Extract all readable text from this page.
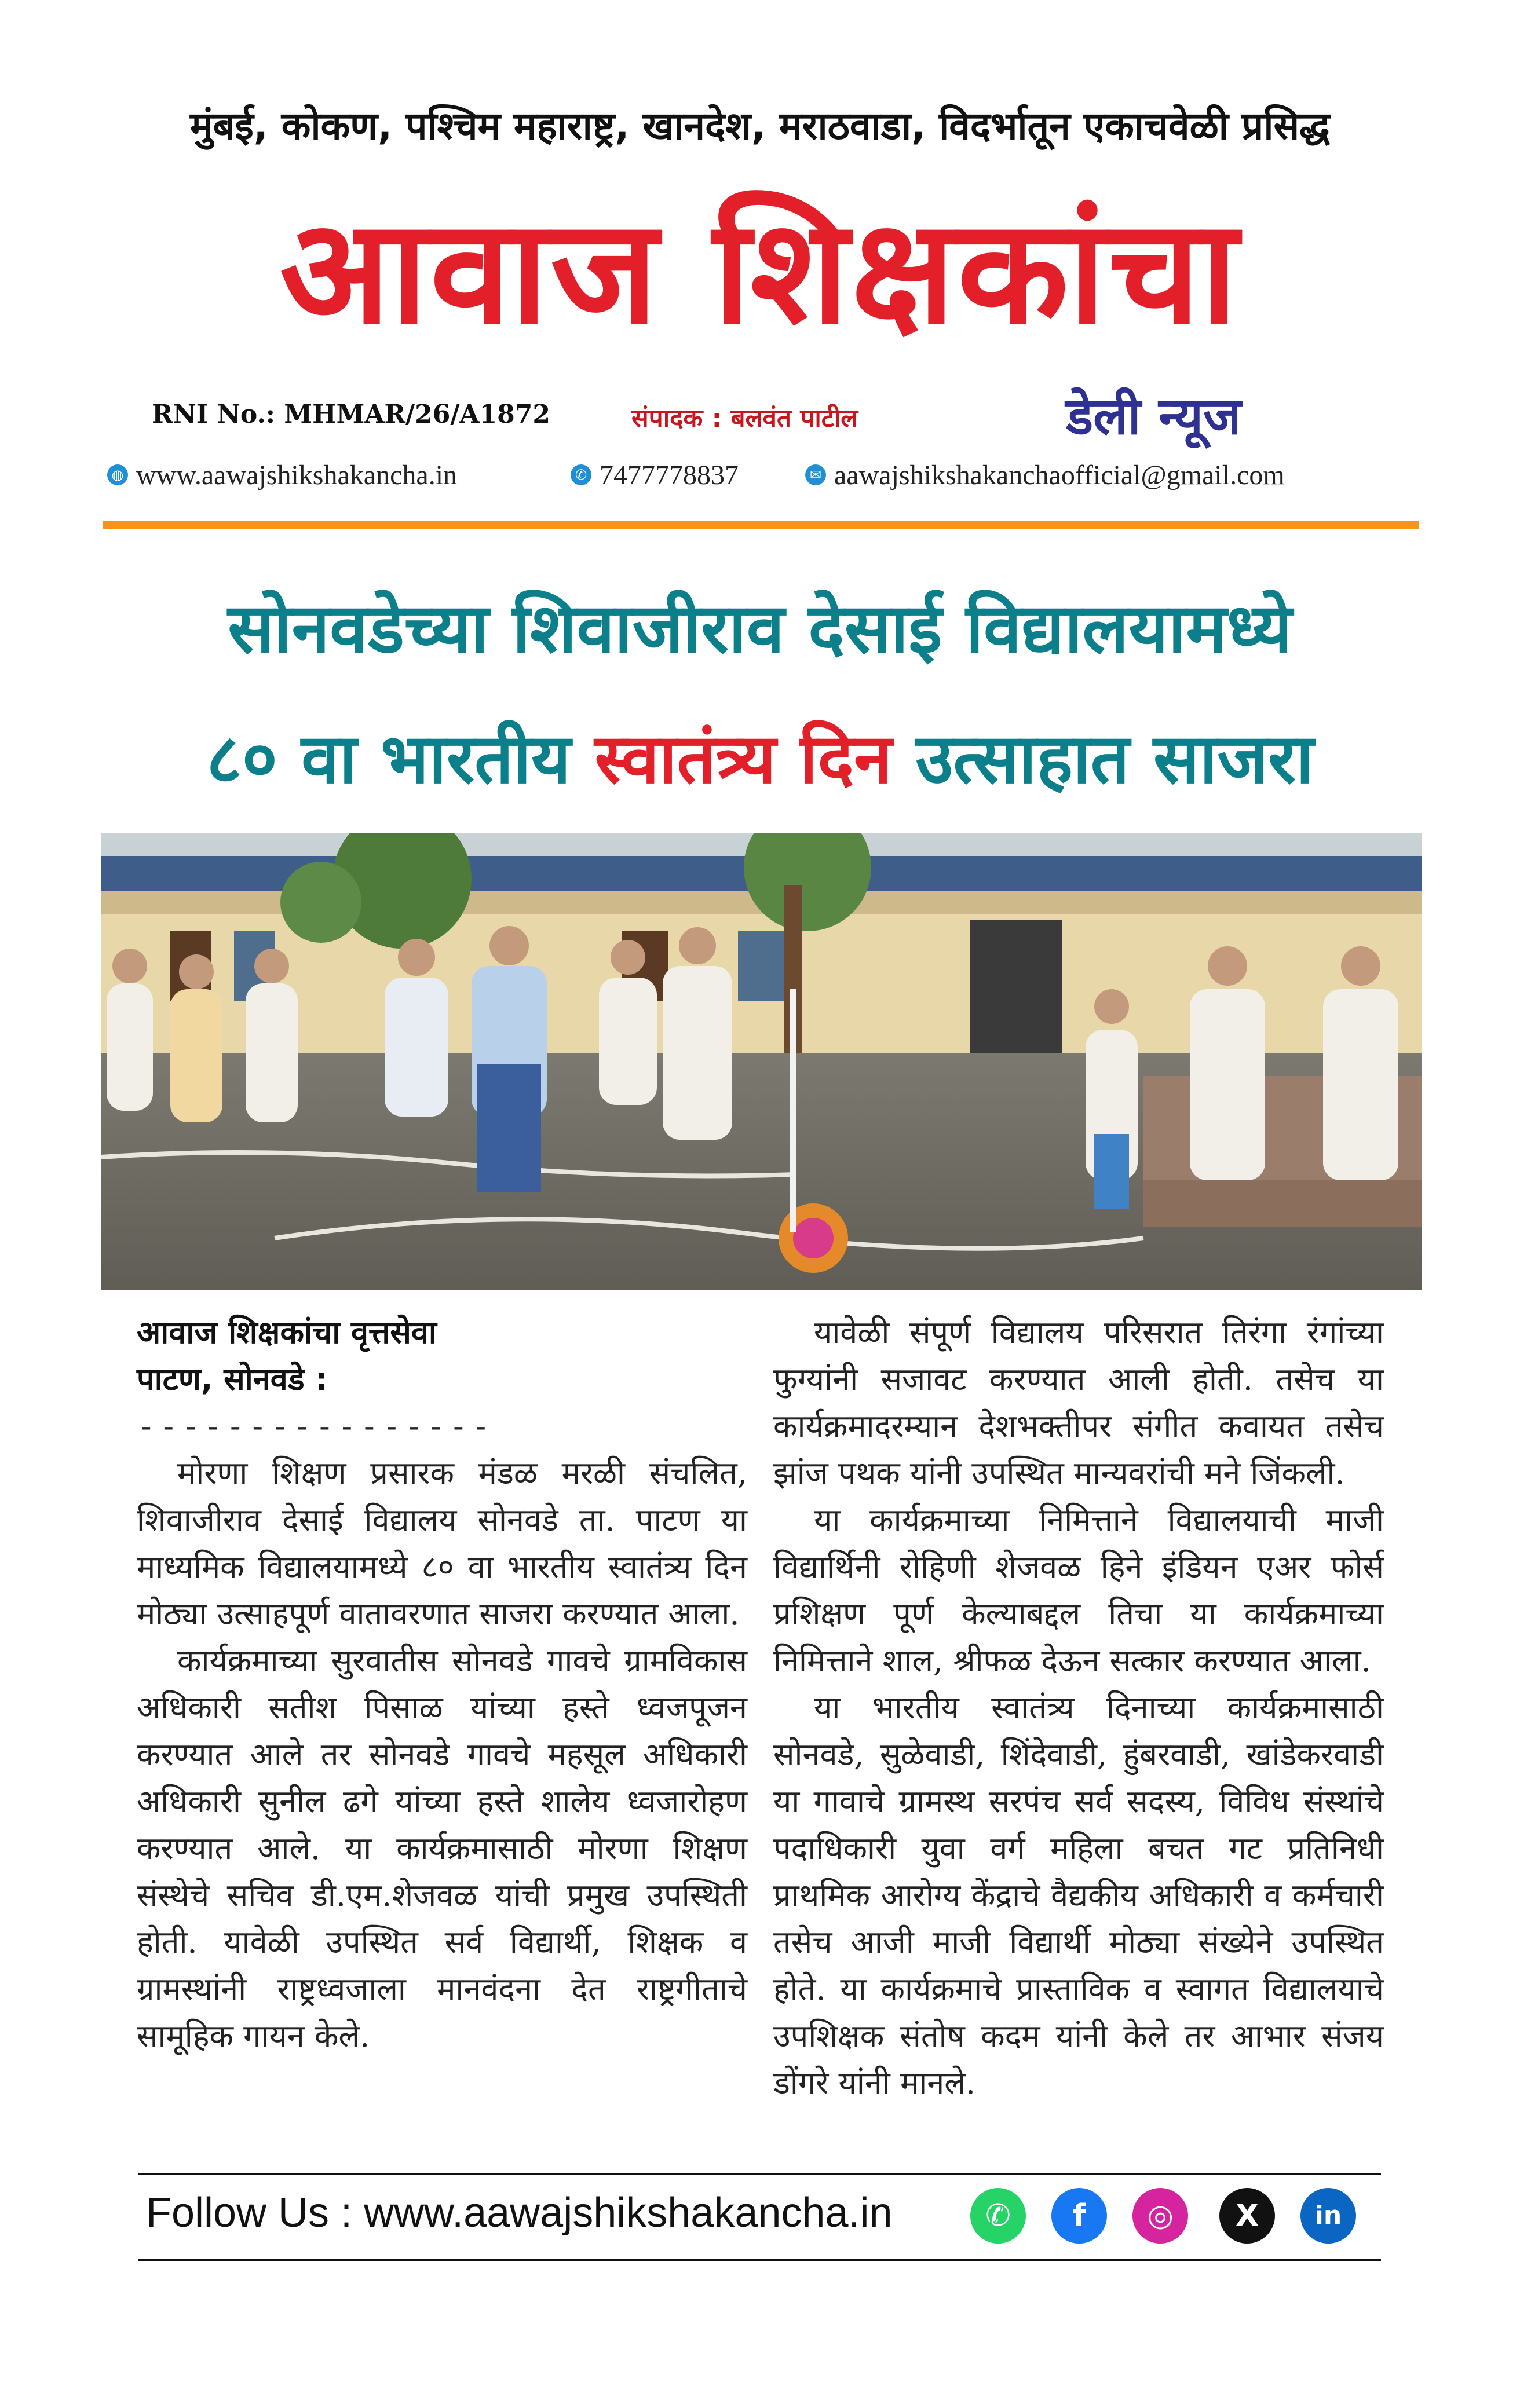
मुंबई, कोकण, पश्चिम महाराष्ट्र, खानदेश, मराठवाडा, विदर्भातून एकाचवेळी प्रसिद्ध
आवाज शिक्षकांचा
RNI No.: MHMAR/26/A1872	संपादक : बलवंत पाटील	डेली न्यूज
◍ www.aawajshikshakancha.in	✆ 7477778837	✉ aawajshikshakanchaofficial@gmail.com
सोनवडेच्या शिवाजीराव देसाई विद्यालयामध्ये
८० वा भारतीय स्वातंत्र्य दिन उत्साहात साजरा

आवाज शिक्षकांचा वृत्तसेवा

पाटण, सोनवडे :

----------------

मोरणा शिक्षण प्रसारक मंडळ मरळी संचलित, शिवाजीराव देसाई विद्यालय सोनवडे ता. पाटण या माध्यमिक विद्यालयामध्ये ८० वा भारतीय स्वातंत्र्य दिन मोठ्या उत्साहपूर्ण वातावरणात साजरा करण्यात आला.

कार्यक्रमाच्या सुरवातीस सोनवडे गावचे ग्रामविकास अधिकारी सतीश पिसाळ यांच्या हस्ते ध्वजपूजन करण्यात आले तर सोनवडे गावचे महसूल अधिकारी अधिकारी सुनील ढगे यांच्या हस्ते शालेय ध्वजारोहण करण्यात आले. या कार्यक्रमासाठी मोरणा शिक्षण संस्थेचे सचिव डी.एम.शेजवळ यांची प्रमुख उपस्थिती होती. यावेळी उपस्थित सर्व विद्यार्थी, शिक्षक व ग्रामस्थांनी राष्ट्रध्वजाला मानवंदना देत राष्ट्रगीताचे सामूहिक गायन केले.

यावेळी संपूर्ण विद्यालय परिसरात तिरंगा रंगांच्या फुग्यांनी सजावट करण्यात आली होती. तसेच या कार्यक्रमादरम्यान देशभक्तीपर संगीत कवायत तसेच झांज पथक यांनी उपस्थित मान्यवरांची मने जिंकली.

या कार्यक्रमाच्या निमित्ताने विद्यालयाची माजी विद्यार्थिनी रोहिणी शेजवळ हिने इंडियन एअर फोर्स प्रशिक्षण पूर्ण केल्याबद्दल तिचा या कार्यक्रमाच्या निमित्ताने शाल, श्रीफळ देऊन सत्कार करण्यात आला.

या भारतीय स्वातंत्र्य दिनाच्या कार्यक्रमासाठी सोनवडे, सुळेवाडी, शिंदेवाडी, हुंबरवाडी, खांडेकरवाडी या गावाचे ग्रामस्थ सरपंच सर्व सदस्य, विविध संस्थांचे पदाधिकारी युवा वर्ग महिला बचत गट प्रतिनिधी प्राथमिक आरोग्य केंद्राचे वैद्यकीय अधिकारी व कर्मचारी तसेच आजी माजी विद्यार्थी मोठ्या संख्येने उपस्थित होते. या कार्यक्रमाचे प्रास्ताविक व स्वागत विद्यालयाचे उपशिक्षक संतोष कदम यांनी केले तर आभार संजय डोंगरे यांनी मानले.

Follow Us : www.aawajshikshakancha.in	✆	f	◎	X	in
